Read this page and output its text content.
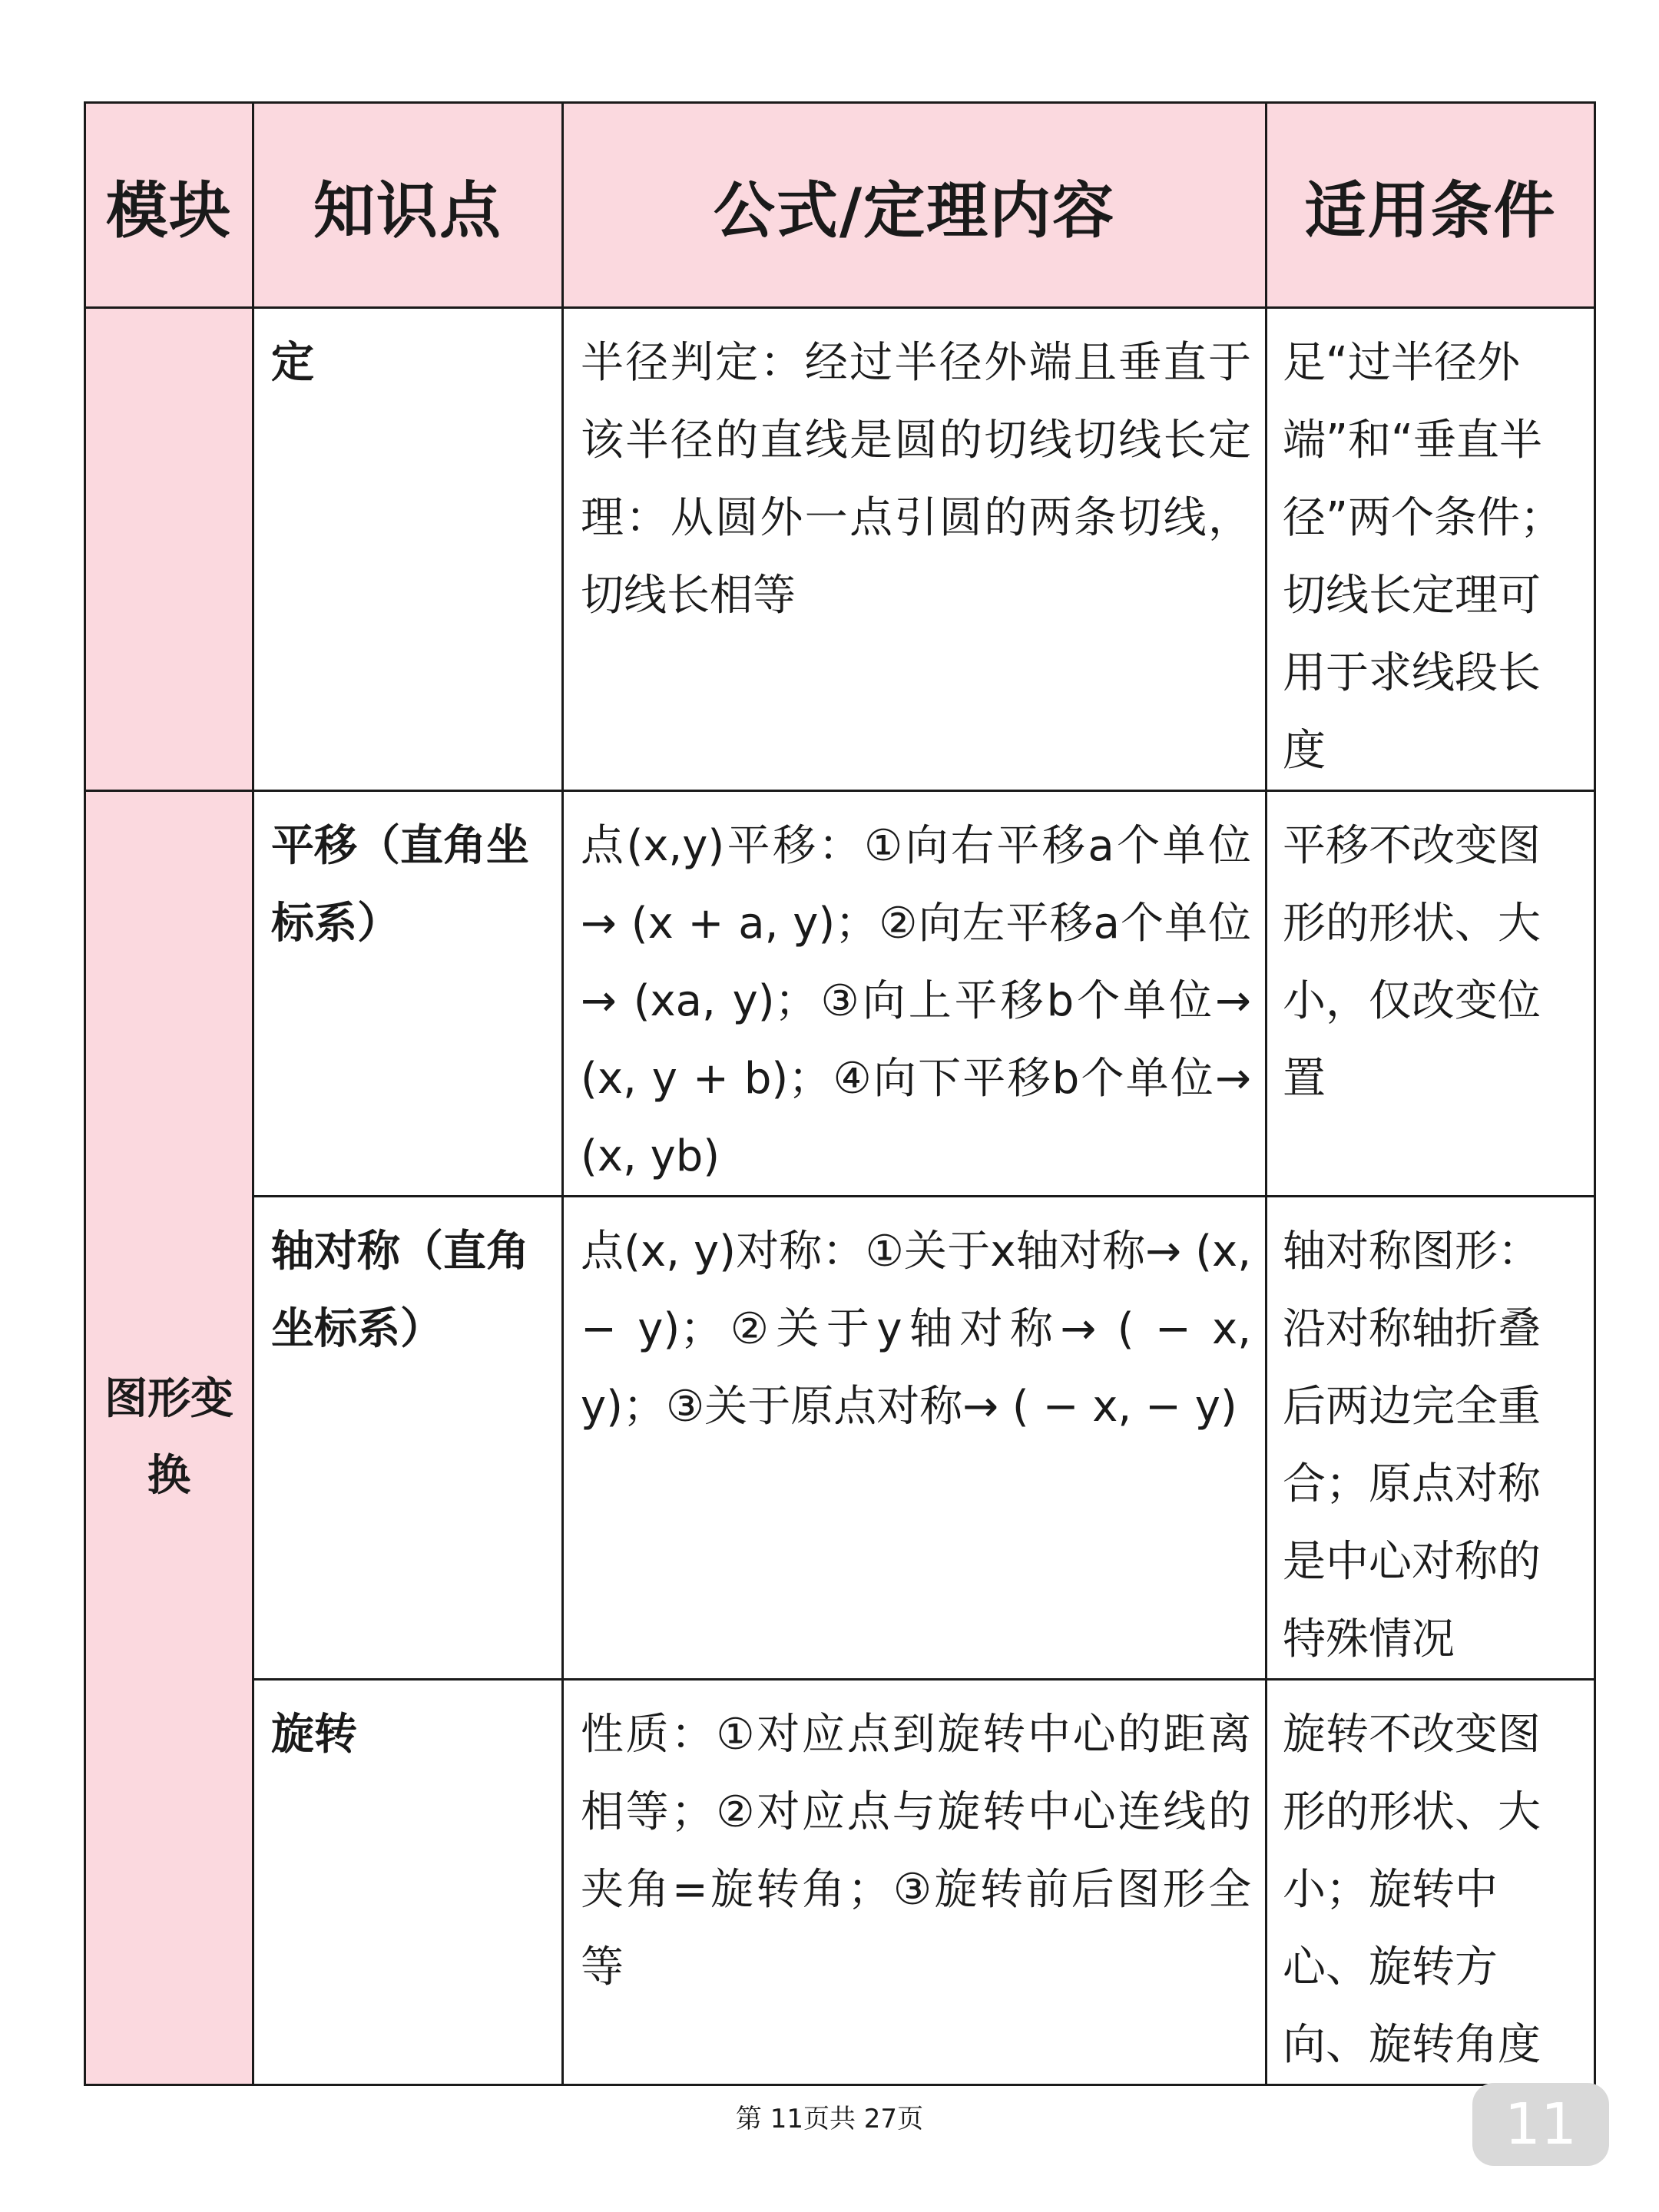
模块	知识点	公式/定理内容	适用条件
	定	半径判定：经过半径外端且垂直于该半径的直线是圆的切线切线长定理：从圆外一点引圆的两条切线，切线长相等	足“过半径外端”和“垂直半径”两个条件；切线长定理可用于求线段长度
图形变换	平移（直角坐标系）	点(x,y)平移：①向右平移a个单位→ (x + a, y)；②向左平移a个单位→ (xa, y)；③向上平移b个单位→ (x, y + b)；④向下平移b个单位→ (x, yb)	平移不改变图形的形状、大小，仅改变位置
	轴对称（直角坐标系）	点(x, y)对称：①关于x轴对称→ (x, − y)；②关于y轴对称→ ( − x, y)；③关于原点对称→ ( − x, − y)	轴对称图形：沿对称轴折叠后两边完全重合；原点对称是中心对称的特殊情况
	旋转	性质：①对应点到旋转中心的距离相等；②对应点与旋转中心连线的夹角=旋转角；③旋转前后图形全等	旋转不改变图形的形状、大小；旋转中心、旋转方向、旋转角度
第 11页共 27页	11
